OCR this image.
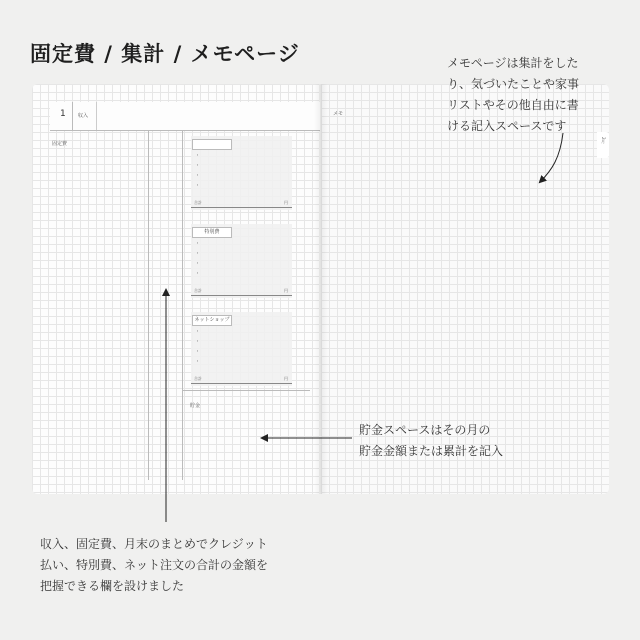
固定費 / 集計 / メモページ
1 収入
固定費
・
・
・
・
合計	円
特別費
・
・
・
・
合計	円
ネットショップ
・
・
・
・
合計	円
貯金
メモ
2月
メモページは集計をした
り、気づいたことや家事
リストやその他自由に書
ける記入スペースです
貯金スペースはその月の
貯金金額または累計を記入
収入、固定費、月末のまとめでクレジット
払い、特別費、ネット注文の合計の金額を
把握できる欄を設けました
